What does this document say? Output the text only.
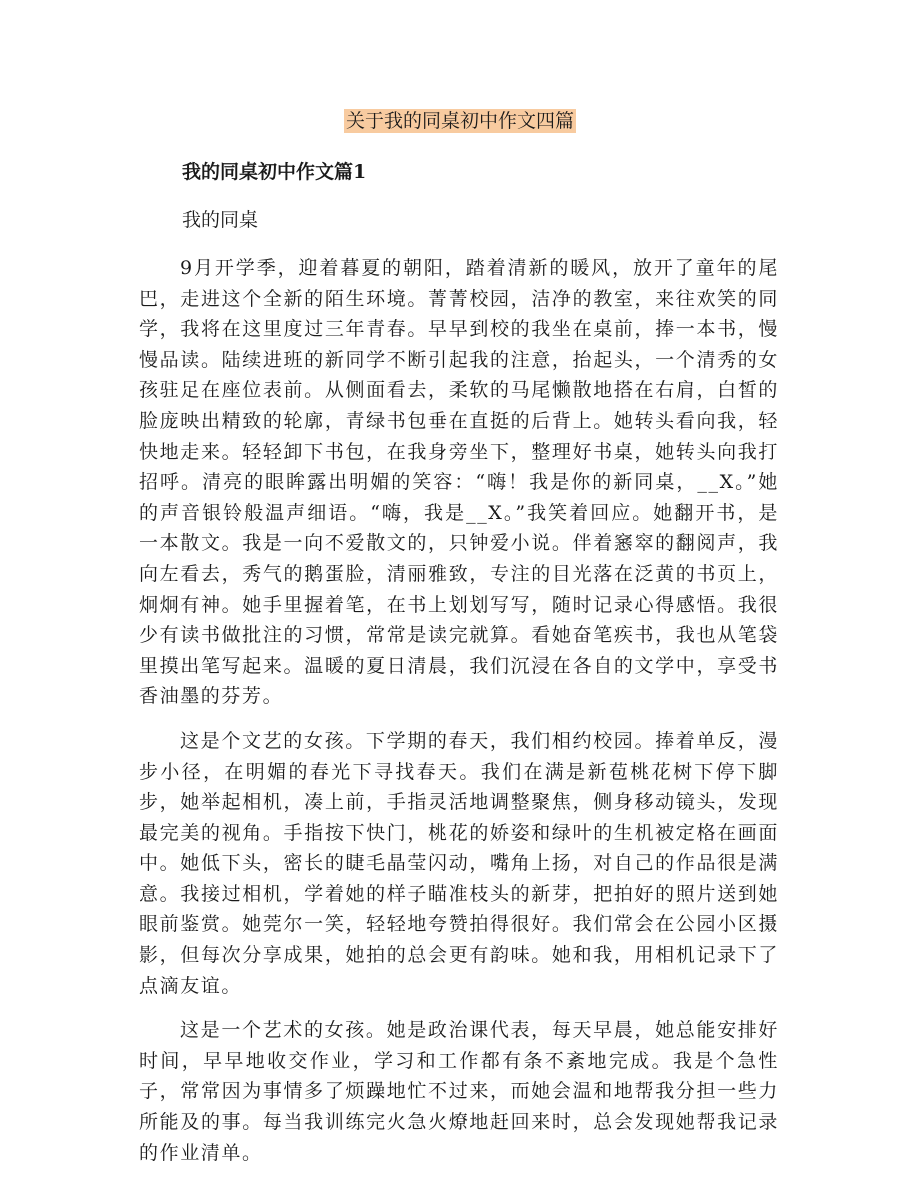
关于我的同桌初中作文四篇
我的同桌初中作文篇1

我的同桌

9月开学季，迎着暮夏的朝阳，踏着清新的暖风，放开了童年的尾巴，走进这个全新的陌生环境。菁菁校园，洁净的教室，来往欢笑的同学，我将在这里度过三年青春。早早到校的我坐在桌前，捧一本书，慢慢品读。陆续进班的新同学不断引起我的注意，抬起头，一个清秀的女孩驻足在座位表前。从侧面看去，柔软的马尾懒散地搭在右肩，白皙的脸庞映出精致的轮廓，青绿书包垂在直挺的后背上。她转头看向我，轻快地走来。轻轻卸下书包，在我身旁坐下，整理好书桌，她转头向我打招呼。清亮的眼眸露出明媚的笑容：“嗨！我是你的新同桌，__X。”她的声音银铃般温声细语。“嗨，我是__X。”我笑着回应。她翻开书，是一本散文。我是一向不爱散文的，只钟爱小说。伴着窸窣的翻阅声，我向左看去，秀气的鹅蛋脸，清丽雅致，专注的目光落在泛黄的书页上，炯炯有神。她手里握着笔，在书上划划写写，随时记录心得感悟。我很少有读书做批注的习惯，常常是读完就算。看她奋笔疾书，我也从笔袋里摸出笔写起来。温暖的夏日清晨，我们沉浸在各自的文学中，享受书香油墨的芬芳。

这是个文艺的女孩。下学期的春天，我们相约校园。捧着单反，漫步小径，在明媚的春光下寻找春天。我们在满是新苞桃花树下停下脚步，她举起相机，凑上前，手指灵活地调整聚焦，侧身移动镜头，发现最完美的视角。手指按下快门，桃花的娇姿和绿叶的生机被定格在画面中。她低下头，密长的睫毛晶莹闪动，嘴角上扬，对自己的作品很是满意。我接过相机，学着她的样子瞄准枝头的新芽，把拍好的照片送到她眼前鉴赏。她莞尔一笑，轻轻地夸赞拍得很好。我们常会在公园小区摄影，但每次分享成果，她拍的总会更有韵味。她和我，用相机记录下了点滴友谊。

这是一个艺术的女孩。她是政治课代表，每天早晨，她总能安排好时间，早早地收交作业，学习和工作都有条不紊地完成。我是个急性子，常常因为事情多了烦躁地忙不过来，而她会温和地帮我分担一些力所能及的事。每当我训练完火急火燎地赶回来时，总会发现她帮我记录的作业清单。
